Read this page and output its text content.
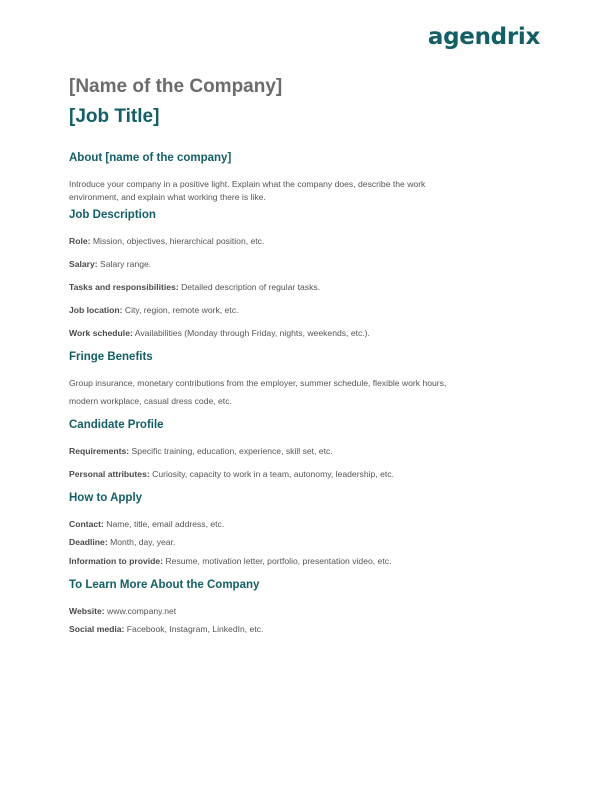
agendrix
[Name of the Company]
[Job Title]
About [name of the company]

Introduce your company in a positive light. Explain what the company does, describe the work

environment, and explain what working there is like.

Job Description

Role: Mission, objectives, hierarchical position, etc.

Salary: Salary range.

Tasks and responsibilities: Detailed description of regular tasks.

Job location: City, region, remote work, etc.

Work schedule: Availabilities (Monday through Friday, nights, weekends, etc.).

Fringe Benefits

Group insurance, monetary contributions from the employer, summer schedule, flexible work hours,

modern workplace, casual dress code, etc.

Candidate Profile

Requirements: Specific training, education, experience, skill set, etc.

Personal attributes: Curiosity, capacity to work in a team, autonomy, leadership, etc.

How to Apply

Contact: Name, title, email address, etc.

Deadline: Month, day, year.

Information to provide: Resume, motivation letter, portfolio, presentation video, etc.

To Learn More About the Company

Website: www.company.net

Social media: Facebook, Instagram, LinkedIn, etc.
